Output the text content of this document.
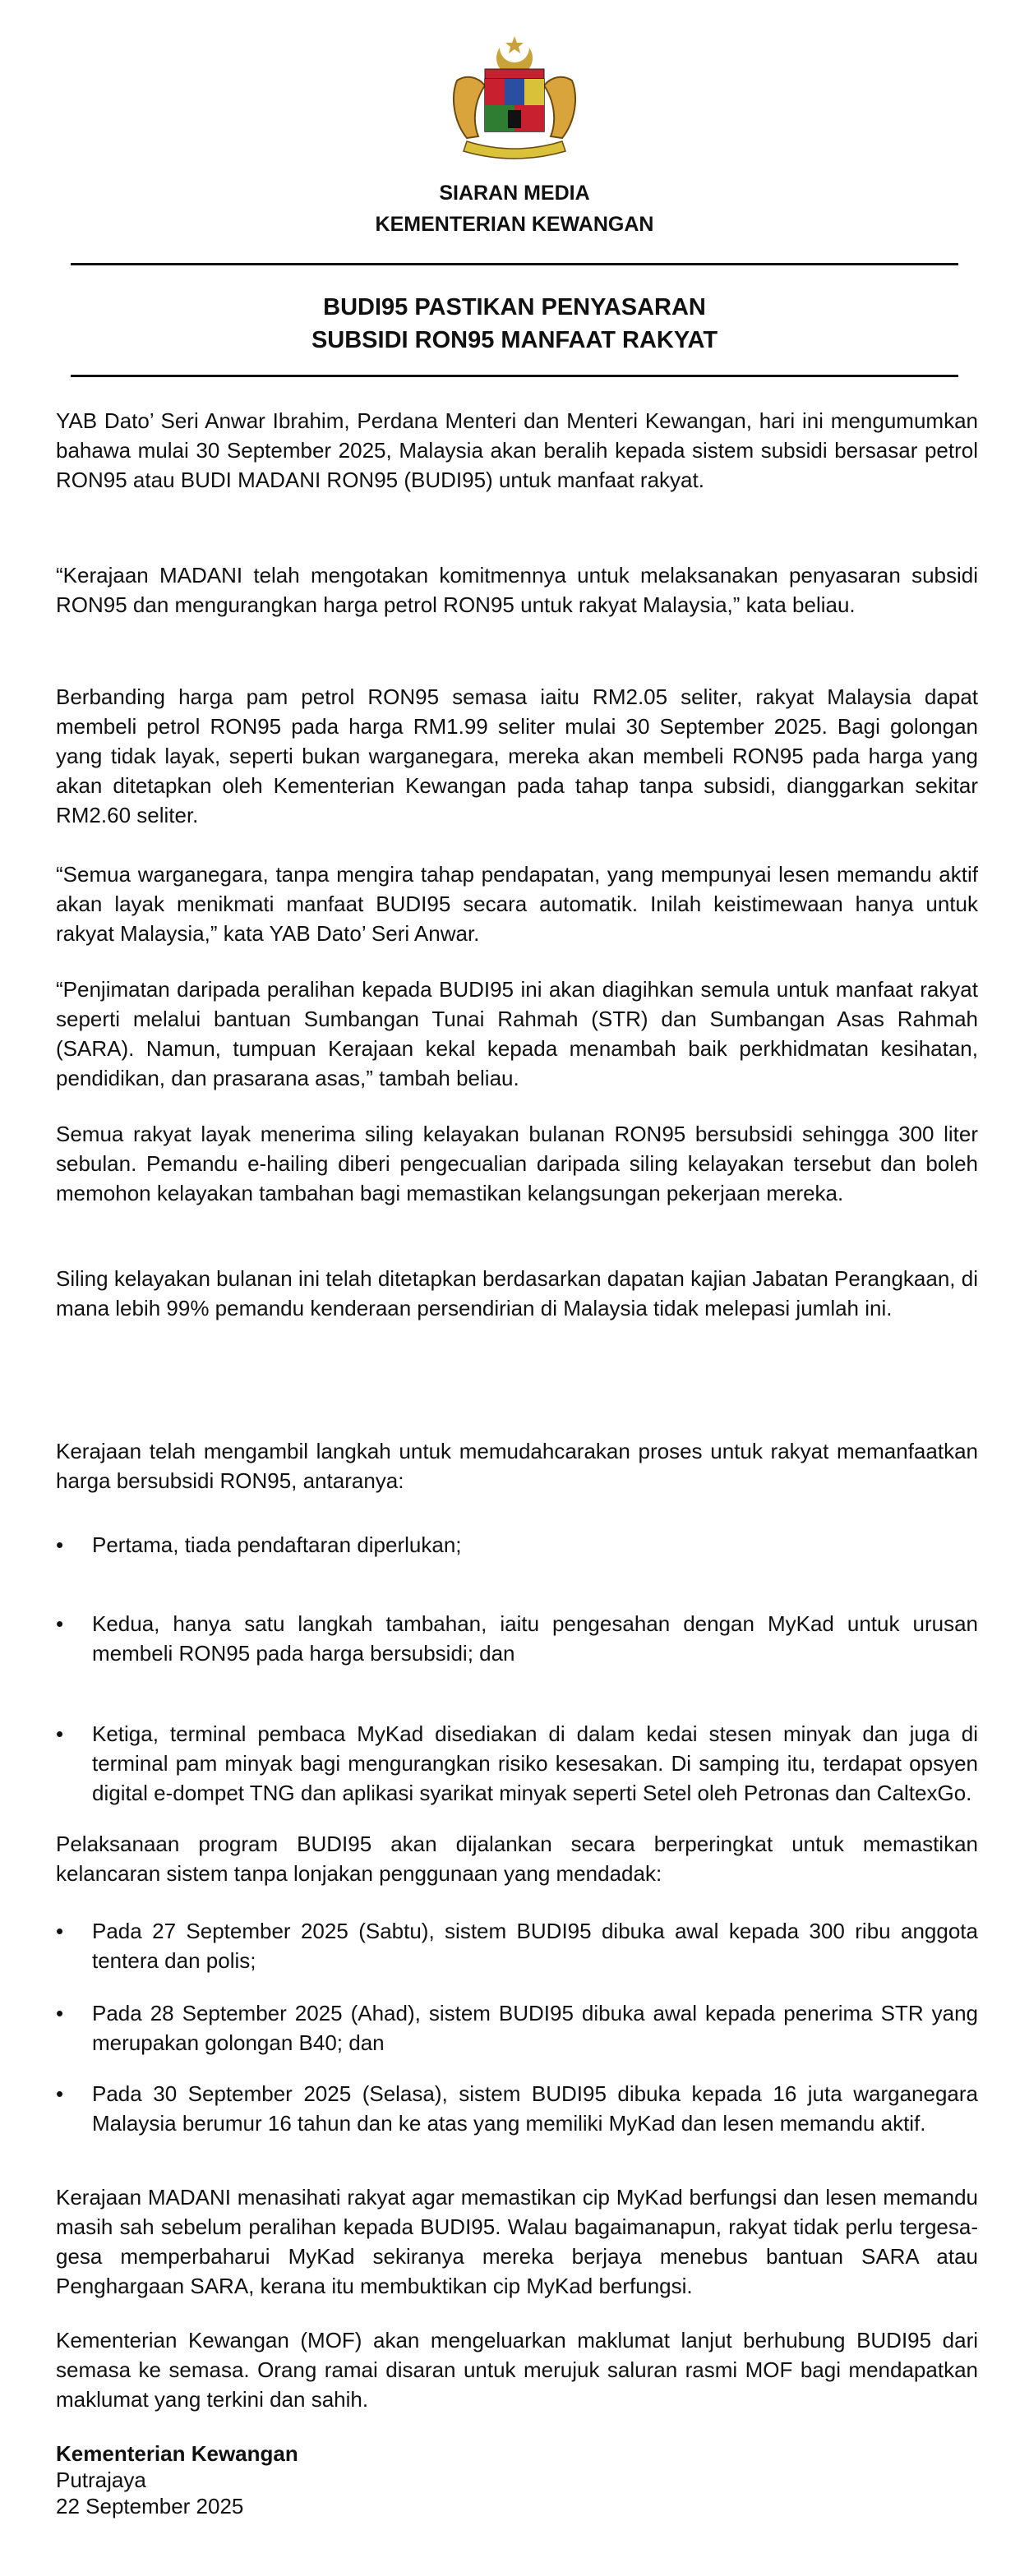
SIARAN MEDIA
KEMENTERIAN KEWANGAN
BUDI95 PASTIKAN PENYASARAN
SUBSIDI RON95 MANFAAT RAKYAT

YAB Dato’ Seri Anwar Ibrahim, Perdana Menteri dan Menteri Kewangan, hari ini mengumumkan bahawa mulai 30 September 2025, Malaysia akan beralih kepada sistem subsidi bersasar petrol RON95 atau BUDI MADANI RON95 (BUDI95) untuk manfaat rakyat.

“Kerajaan MADANI telah mengotakan komitmennya untuk melaksanakan penyasaran subsidi RON95 dan mengurangkan harga petrol RON95 untuk rakyat Malaysia,” kata beliau.

Berbanding harga pam petrol RON95 semasa iaitu RM2.05 seliter, rakyat Malaysia dapat membeli petrol RON95 pada harga RM1.99 seliter mulai 30 September 2025. Bagi golongan yang tidak layak, seperti bukan warganegara, mereka akan membeli RON95 pada harga yang akan ditetapkan oleh Kementerian Kewangan pada tahap tanpa subsidi, dianggarkan sekitar RM2.60 seliter.

“Semua warganegara, tanpa mengira tahap pendapatan, yang mempunyai lesen memandu aktif akan layak menikmati manfaat BUDI95 secara automatik. Inilah keistimewaan hanya untuk rakyat Malaysia,” kata YAB Dato’ Seri Anwar.

“Penjimatan daripada peralihan kepada BUDI95 ini akan diagihkan semula untuk manfaat rakyat seperti melalui bantuan Sumbangan Tunai Rahmah (STR) dan Sumbangan Asas Rahmah (SARA). Namun, tumpuan Kerajaan kekal kepada menambah baik perkhidmatan kesihatan, pendidikan, dan prasarana asas,” tambah beliau.

Semua rakyat layak menerima siling kelayakan bulanan RON95 bersubsidi sehingga 300 liter sebulan. Pemandu e-hailing diberi pengecualian daripada siling kelayakan tersebut dan boleh memohon kelayakan tambahan bagi memastikan kelangsungan pekerjaan mereka.

Siling kelayakan bulanan ini telah ditetapkan berdasarkan dapatan kajian Jabatan Perangkaan, di mana lebih 99% pemandu kenderaan persendirian di Malaysia tidak melepasi jumlah ini.

Kerajaan telah mengambil langkah untuk memudahcarakan proses untuk rakyat memanfaatkan harga bersubsidi RON95, antaranya:

•	Pertama, tiada pendaftaran diperlukan;
•	Kedua, hanya satu langkah tambahan, iaitu pengesahan dengan MyKad untuk urusan membeli RON95 pada harga bersubsidi; dan
•	Ketiga, terminal pembaca MyKad disediakan di dalam kedai stesen minyak dan juga di terminal pam minyak bagi mengurangkan risiko kesesakan. Di samping itu, terdapat opsyen digital e-dompet TNG dan aplikasi syarikat minyak seperti Setel oleh Petronas dan CaltexGo.

Pelaksanaan program BUDI95 akan dijalankan secara berperingkat untuk memastikan kelancaran sistem tanpa lonjakan penggunaan yang mendadak:

•	Pada 27 September 2025 (Sabtu), sistem BUDI95 dibuka awal kepada 300 ribu anggota tentera dan polis;
•	Pada 28 September 2025 (Ahad), sistem BUDI95 dibuka awal kepada penerima STR yang merupakan golongan B40; dan
•	Pada 30 September 2025 (Selasa), sistem BUDI95 dibuka kepada 16 juta warganegara Malaysia berumur 16 tahun dan ke atas yang memiliki MyKad dan lesen memandu aktif.

Kerajaan MADANI menasihati rakyat agar memastikan cip MyKad berfungsi dan lesen memandu masih sah sebelum peralihan kepada BUDI95. Walau bagaimanapun, rakyat tidak perlu tergesa-gesa memperbaharui MyKad sekiranya mereka berjaya menebus bantuan SARA atau Penghargaan SARA, kerana itu membuktikan cip MyKad berfungsi.

Kementerian Kewangan (MOF) akan mengeluarkan maklumat lanjut berhubung BUDI95 dari semasa ke semasa. Orang ramai disaran untuk merujuk saluran rasmi MOF bagi mendapatkan maklumat yang terkini dan sahih.

Kementerian Kewangan
Putrajaya
22 September 2025
